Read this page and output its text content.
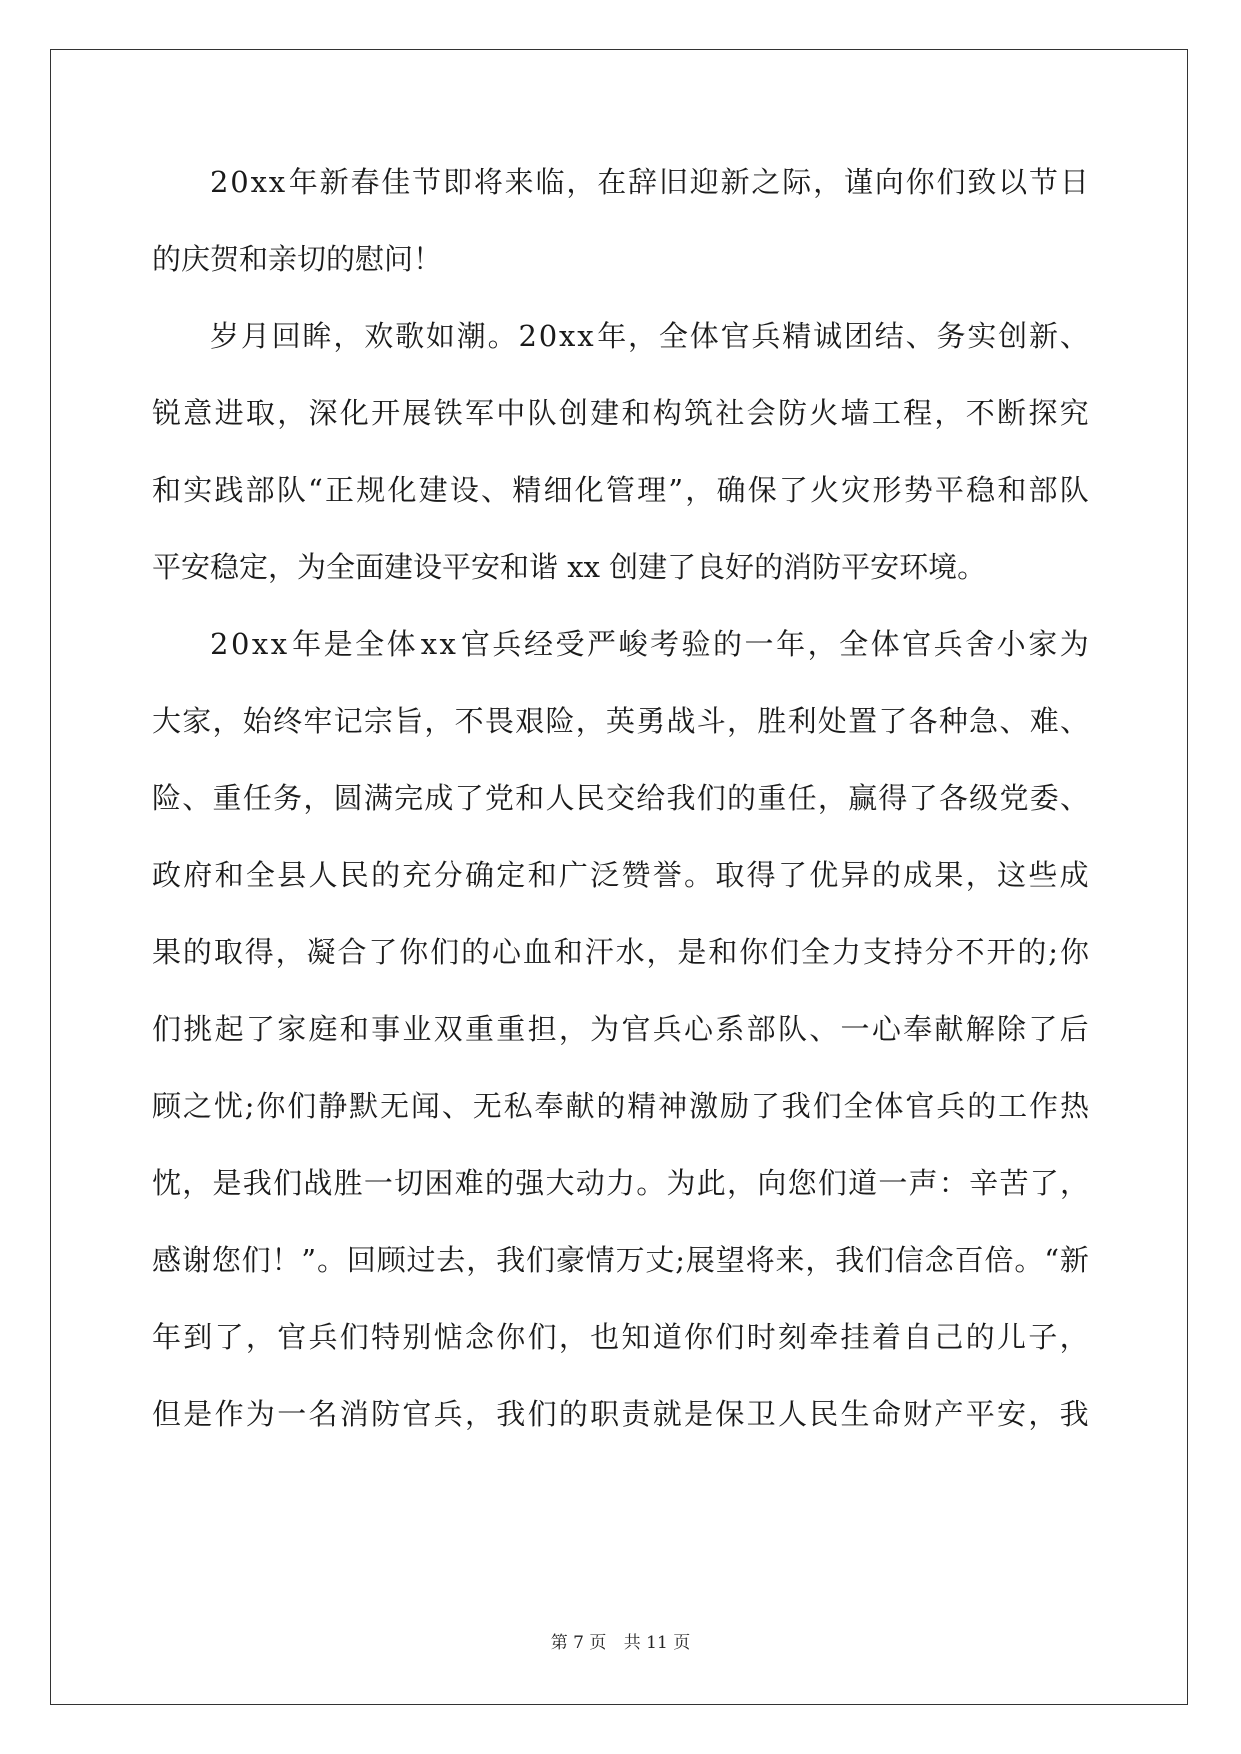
2 0 x x 年 新 春 佳 节 即 将 来 临 ， 在 辞 旧 迎 新 之 际 ， 谨 向 你 们 致 以 节 日
的庆贺和亲切的慰问！
岁 月 回 眸 ， 欢 歌 如 潮 。 2 0 x x 年 ， 全 体 官 兵 精 诚 团 结 、 务 实 创 新 、
锐 意 进 取 ， 深 化 开 展 铁 军 中 队 创 建 和 构 筑 社 会 防 火 墙 工 程 ， 不 断 探 究
和 实 践 部 队 “ 正 规 化 建 设 、 精 细 化 管 理 ” ， 确 保 了 火 灾 形 势 平 稳 和 部 队
平安稳定，为全面建设平安和谐 xx 创建了良好的消防平安环境。
2 0 x x 年 是 全 体 x x 官 兵 经 受 严 峻 考 验 的 一 年 ， 全 体 官 兵 舍 小 家 为
大 家 ， 始 终 牢 记 宗 旨 ， 不 畏 艰 险 ， 英 勇 战 斗 ， 胜 利 处 置 了 各 种 急 、 难 、
险 、 重 任 务 ， 圆 满 完 成 了 党 和 人 民 交 给 我 们 的 重 任 ， 赢 得 了 各 级 党 委 、
政 府 和 全 县 人 民 的 充 分 确 定 和 广 泛 赞 誉 。 取 得 了 优 异 的 成 果 ， 这 些 成
果 的 取 得 ， 凝 合 了 你 们 的 心 血 和 汗 水 ， 是 和 你 们 全 力 支 持 分 不 开 的 ; 你
们 挑 起 了 家 庭 和 事 业 双 重 重 担 ， 为 官 兵 心 系 部 队 、 一 心 奉 献 解 除 了 后
顾 之 忧 ; 你 们 静 默 无 闻 、 无 私 奉 献 的 精 神 激 励 了 我 们 全 体 官 兵 的 工 作 热
忱 ， 是 我 们 战 胜 一 切 困 难 的 强 大 动 力 。 为 此 ， 向 您 们 道 一 声 ： 辛 苦 了 ，
感 谢 您 们 ！ ” 。 回 顾 过 去 ， 我 们 豪 情 万 丈 ; 展 望 将 来 ， 我 们 信 念 百 倍 。 “ 新
年 到 了 ， 官 兵 们 特 别 惦 念 你 们 ， 也 知 道 你 们 时 刻 牵 挂 着 自 己 的 儿 子 ，
但 是 作 为 一 名 消 防 官 兵 ， 我 们 的 职 责 就 是 保 卫 人 民 生 命 财 产 平 安 ， 我
第 7 页 共 11 页
